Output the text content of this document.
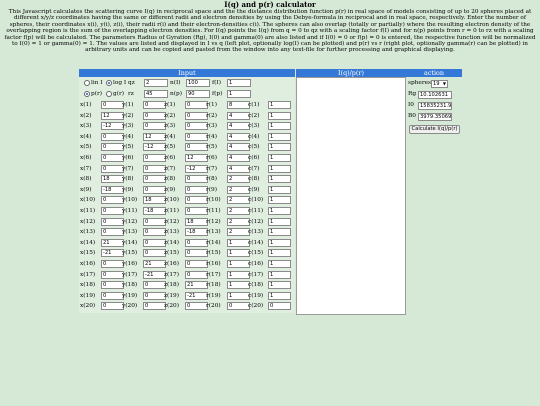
I(q) and p(r) calculator
This Javascript calculates the scattering curve I(q) in reciprocal space and the the distance distribution function p(r) in real space of models consisting of up to 20 spheres placed at different x/y/z coordinates having the same or different radii and electron densities by using the Debye-formula in reciprocal and in real space, respectively. Enter the number of spheres, their coordinates x(i), y(i), z(i), their radii r(i) and their electron-densities c(i). The spheres can also overlap (totally or partially) where the resulting electron density of the overlapping region is the sum of the overlapping electron densities. For I(q) points the I(q) from q = 0 to qz with a scaling factor f(I) and for n(p) points from r = 0 to rz with a scaling factor f(p) will be calculated. The parameters Radius of Gyration (Rg), I(0) and gamma(0) are also listed and if I(0) = 0 or f(p) = 0 is entered, the respective function will be normalized to I(0) = 1 or gamma(0) = 1. The values are listed and displayed in I vs q (left plot, optionally log(I) can be plotted) and p(r) vs r (right plot, optionally gamma(r) can be plotted) in arbitrary units and can be copied and pasted from the window into any text-file for further processing and graphical displaying.
Input
lin I log I
p(r) g(r)
qz	2	n(I)	100	f(I)	1
rz	45	n(p)	90	f(p)	1
x(1)	0	y(1)	0	z(1)	0	r(1)	8	c(1)	1
x(2)	12	y(2)	0	z(2)	0	r(2)	4	c(2)	1
x(3)	-12	y(3)	0	z(3)	0	r(3)	4	c(3)	1
x(4)	0	y(4)	12	z(4)	0	r(4)	4	c(4)	1
x(5)	0	y(5)	-12	z(5)	0	r(5)	4	c(5)	1
x(6)	0	y(6)	0	z(6)	12	r(6)	4	c(6)	1
x(7)	0	y(7)	0	z(7)	-12	r(7)	4	c(7)	1
x(8)	18	y(8)	0	z(8)	0	r(8)	2	c(8)	1
x(9)	-18	y(9)	0	z(9)	0	r(9)	2	c(9)	1
x(10)	0	y(10)	18	z(10)	0	r(10)	2	c(10)	1
x(11)	0	y(11)	-18	z(11)	0	r(11)	2	c(11)	1
x(12)	0	y(12)	0	z(12)	18	r(12)	2	c(12)	1
x(13)	0	y(13)	0	z(13)	-18	r(13)	2	c(13)	1
x(14)	21	y(14)	0	z(14)	0	r(14)	1	c(14)	1
x(15)	-21	y(15)	0	z(15)	0	r(15)	1	c(15)	1
x(16)	0	y(16)	21	z(16)	0	r(16)	1	c(16)	1
x(17)	0	y(17)	-21	z(17)	0	r(17)	1	c(17)	1
x(18)	0	y(18)	0	z(18)	21	r(18)	1	c(18)	1
x(19)	0	y(19)	0	z(19)	-21	r(19)	1	c(19)	1
x(20)	0	y(20)	0	z(20)	0	r(20)	0	c(20)	0
I(q)/p(r)	action
spheres 19 ▼
Rg 10.102631
I0	15835231.9
B0 3979.35069
Calculate I(q)/p(r)
